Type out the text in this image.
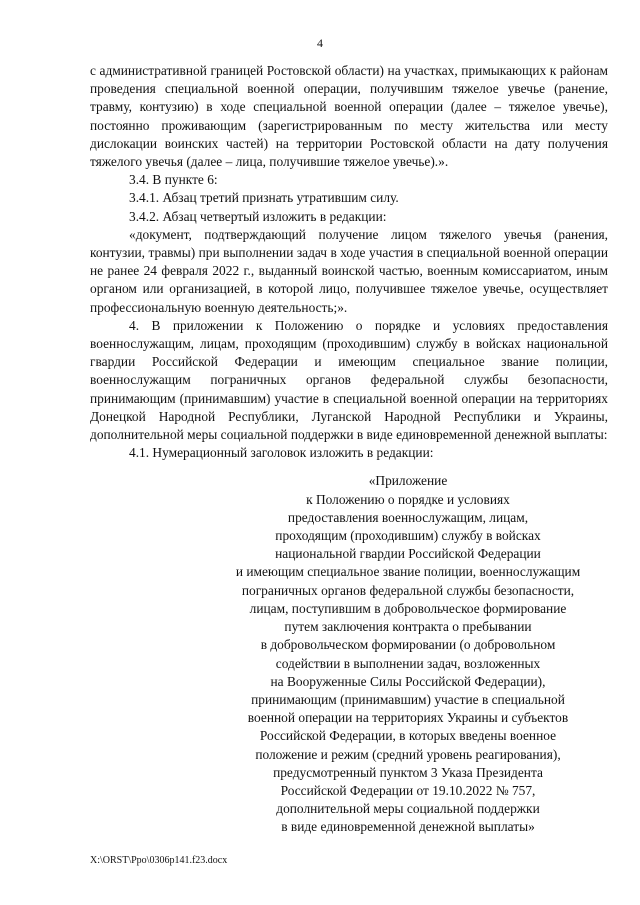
4

с административной границей Ростовской области) на участках, примыкающих к районам проведения специальной военной операции, получившим тяжелое увечье (ранение, травму, контузию) в ходе специальной военной операции (далее – тяжелое увечье), постоянно проживающим (зарегистрированным по месту жительства или месту дислокации воинских частей) на территории Ростовской области на дату получения тяжелого увечья (далее – лица, получившие тяжелое увечье).».

3.4. В пункте 6:

3.4.1. Абзац третий признать утратившим силу.

3.4.2. Абзац четвертый изложить в редакции:

«документ, подтверждающий получение лицом тяжелого увечья (ранения, контузии, травмы) при выполнении задач в ходе участия в специальной военной операции не ранее 24 февраля 2022 г., выданный воинской частью, военным комиссариатом, иным органом или организацией, в которой лицо, получившее тяжелое увечье, осуществляет профессиональную военную деятельность;».

4. В приложении к Положению о порядке и условиях предоставления военнослужащим, лицам, проходящим (проходившим) службу в войсках национальной гвардии Российской Федерации и имеющим специальное звание полиции, военнослужащим пограничных органов федеральной службы безопасности, принимающим (принимавшим) участие в специальной военной операции на территориях Донецкой Народной Республики, Луганской Народной Республики и Украины, дополнительной меры социальной поддержки в виде единовременной денежной выплаты:

4.1. Нумерационный заголовок изложить в редакции:

«Приложение
к Положению о порядке и условиях
предоставления военнослужащим, лицам,
проходящим (проходившим) службу в войсках
национальной гвардии Российской Федерации
и имеющим специальное звание полиции, военнослужащим
пограничных органов федеральной службы безопасности,
лицам, поступившим в добровольческое формирование
путем заключения контракта о пребывании
в добровольческом формировании (о добровольном
содействии в выполнении задач, возложенных
на Вооруженные Силы Российской Федерации),
принимающим (принимавшим) участие в специальной
военной операции на территориях Украины и субъектов
Российской Федерации, в которых введены военное
положение и режим (средний уровень реагирования),
предусмотренный пунктом 3 Указа Президента
Российской Федерации от 19.10.2022 № 757,
дополнительной меры социальной поддержки
в виде единовременной денежной выплаты»
X:\ORST\Ppo\0306p141.f23.docx
